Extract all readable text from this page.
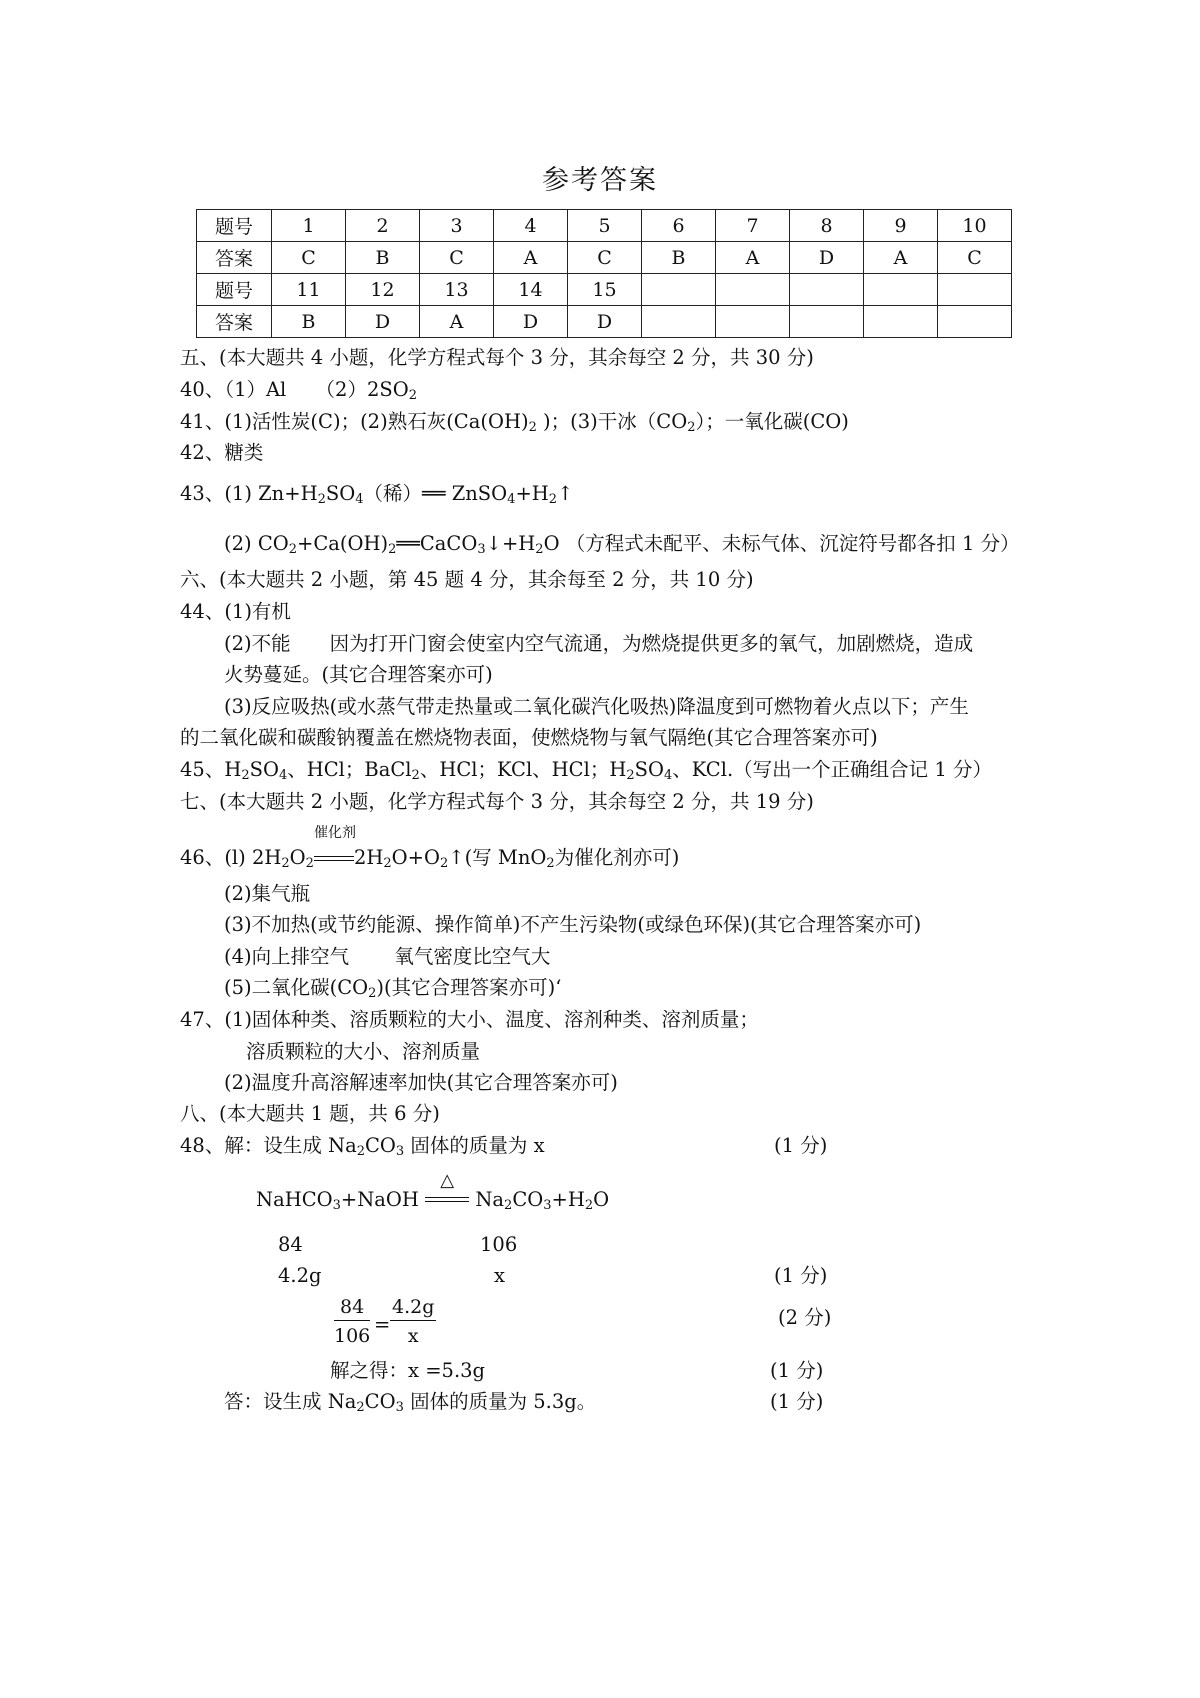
参考答案
题号	1	2	3	4	5	6	7	8	9	10
答案	C	B	C	A	C	B	A	D	A	C
题号	11	12	13	14	15					
答案	B	D	A	D	D					
五、(本大题共 4 小题，化学方程式每个 3 分，其余每空 2 分，共 30 分)
40、（1）Al　　$(2)2SO_2$
41、(1)活性炭(C)；(2)熟石灰($Ca(OH)_2$ )；(3)干冰$(CO_2)$；一氧化碳(CO)
42、糖类
43、(1) $Zn+H_2SO_4$（稀）══ $ZnSO_4+H_2↑$
(2) $CO_2+Ca(OH)_2══CaCO_3↓+H_2O$ （方程式未配平、未标气体、沉淀符号都各扣 1 分）
六、(本大题共 2 小题，第 45 题 4 分，其余每至 2 分，共 10 分)
44、(1)有机
(2)不能　　因为打开门窗会使室内空气流通，为燃烧提供更多的氧气，加剧燃烧，造成
火势蔓延。(其它合理答案亦可)
(3)反应吸热(或水蒸气带走热量或二氧化碳汽化吸热)降温度到可燃物着火点以下；产生
的二氧化碳和碳酸钠覆盖在燃烧物表面，使燃烧物与氧气隔绝(其它合理答案亦可)
45、$H_2SO_4$、HCl；BaCl$_2$、HCl；KCl、HCl；$H_2SO_4$、KCl.（写出一个正确组合记 1 分）
七、(本大题共 2 小题，化学方程式每个 3 分，其余每空 2 分，共 19 分)
46、(l) $2H_2O_2$
催化剂
$2H_2O+O_2↑$(写 MnO$_2$为催化剂亦可)
(2)集气瓶
(3)不加热(或节约能源、操作简单)不产生污染物(或绿色环保)(其它合理答案亦可)
(4)向上排空气　　 氧气密度比空气大
(5)二氧化碳$(CO_2)$(其它合理答案亦可)‘
47、(1)固体种类、溶质颗粒的大小、温度、溶剂种类、溶剂质量；
溶质颗粒的大小、溶剂质量
(2)温度升高溶解速率加快(其它合理答案亦可)
八、(本大题共 1 题，共 6 分)
48、解：设生成 $Na_2CO_3$ 固体的质量为 x	(1 分)
NaHCO$_3$+NaOH
△
$Na_2CO_3+H_2O$
84	106
4.2g	x	(1 分)
$\frac{84}{106} = \frac{4.2g}{x}$	(2 分)
解之得：x =5.3g	(1 分)
答：设生成 $Na_2CO_3$ 固体的质量为 5.3g。	(1 分)
